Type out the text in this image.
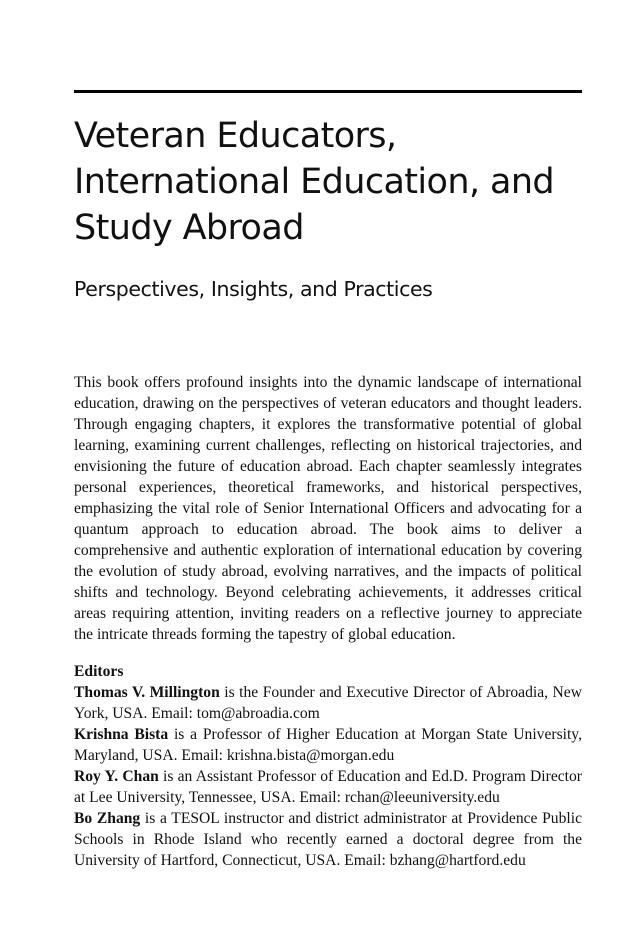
Veteran Educators,
International Education, and
Study Abroad
Perspectives, Insights, and Practices

This book offers profound insights into the dynamic landscape of international education, drawing on the perspectives of veteran educators and thought leaders. Through engaging chapters, it explores the transformative potential of global learning, examining current challenges, reflecting on historical trajectories, and envisioning the future of education abroad. Each chapter seamlessly integrates personal experiences, theoretical frameworks, and historical perspectives, emphasizing the vital role of Senior International Officers and advocating for a quantum approach to education abroad. The book aims to deliver a comprehensive and authentic exploration of international education by covering the evolution of study abroad, evolving narratives, and the impacts of political shifts and technology. Beyond celebrating achievements, it addresses critical areas requiring attention, inviting readers on a reflective journey to appreciate the intricate threads forming the tapestry of global education.

Editors

Thomas V. Millington is the Founder and Executive Director of Abroadia, New York, USA. Email: tom@abroadia.com

Krishna Bista is a Professor of Higher Education at Morgan State University, Maryland, USA. Email: krishna.bista@morgan.edu

Roy Y. Chan is an Assistant Professor of Education and Ed.D. Program Director at Lee University, Tennessee, USA. Email: rchan@leeuniversity.edu

Bo Zhang is a TESOL instructor and district administrator at Providence Public Schools in Rhode Island who recently earned a doctoral degree from the University of Hartford, Connecticut, USA. Email: bzhang@hartford.edu
